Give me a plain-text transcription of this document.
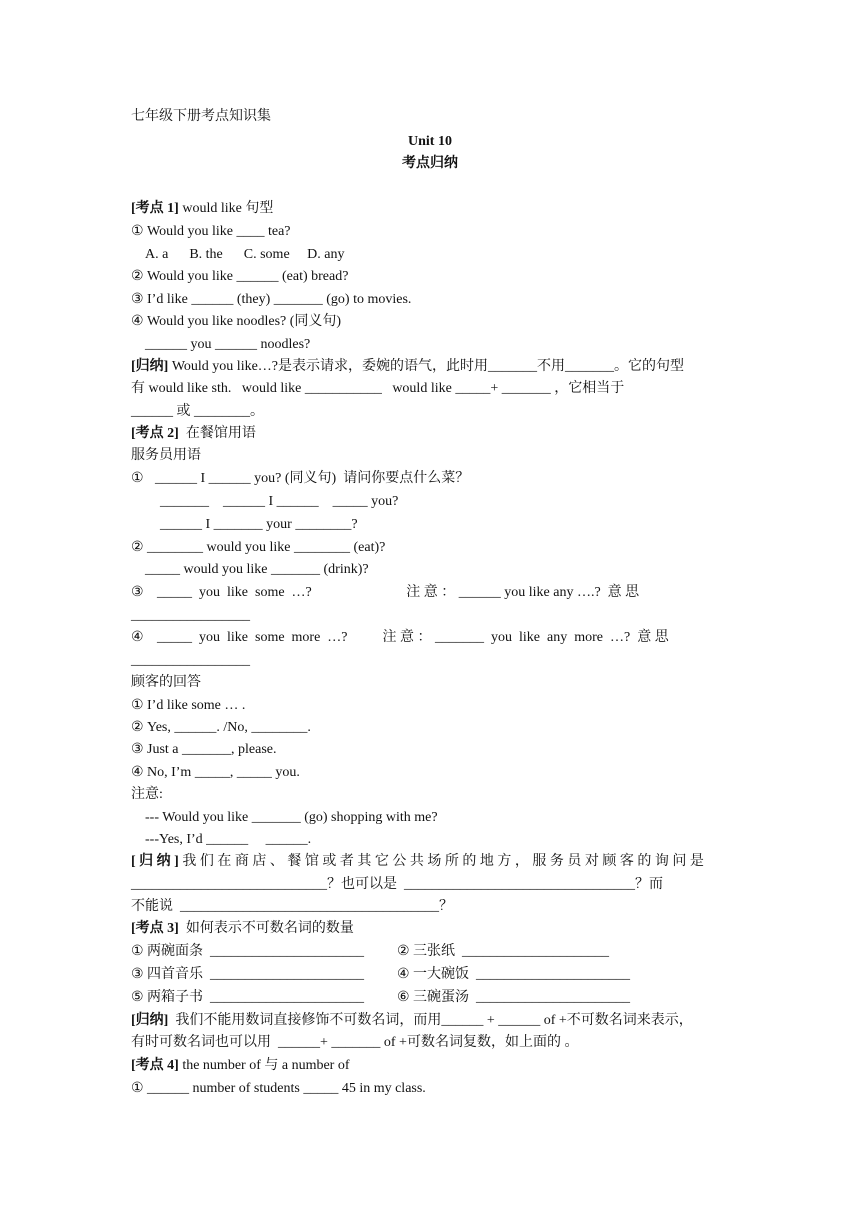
七年级下册考点知识集
Unit 10
考点归纳
[考点 1] would like 句型
① Would you like ____ tea?
A. a      B. the      C. some     D. any
② Would you like ______ (eat) bread?
③ I’d like ______ (they) _______ (go) to movies.
④ Would you like noodles? (同义句)
______ you ______ noodles?
[归纳] Would you like…?是表示请求，委婉的语气，此时用_______不用_______。它的句型
有 would like sth.   would like ___________   would like _____+ _______ ，它相当于
______ 或 ________。
[考点 2]  在餐馆用语
服务员用语
① ______ I ______ you? (同义句)  请问你要点什么菜？
_______    ______ I ______    _____ you?
______ I _______ your ________?
② ________ would you like ________ (eat)?
_____ would you like _______ (drink)?
③ _____  you  like  some  …?                           注 意 ： ______ you like any ….?  意 思
_________________
④ _____  you  like  some  more  …?          注 意 ： _______  you  like  any  more  …?  意 思
_________________
顾客的回答
① I’d like some … .
② Yes, ______. /No, ________.
③ Just a _______, please.
④ No, I’m _____, _____ you.
注意:
--- Would you like _______ (go) shopping with me?
---Yes, I’d ______     ______.
[ 归 纳 ] 我 们 在 商 店 、 餐 馆 或 者 其 它 公 共 场 所 的 地 方 ， 服 务 员 对 顾 客 的 询 问 是
____________________________？也可以是  _________________________________？而
不能说  _____________________________________？
[考点 3]  如何表示不可数名词的数量
① 两碗面条  ______________________	② 三张纸  _____________________
③ 四首音乐  ______________________	④ 一大碗饭  ______________________
⑤ 两箱子书  ______________________	⑥ 三碗蛋汤  ______________________
[归纳]  我们不能用数词直接修饰不可数名词，而用______ + ______ of +不可数名词来表示，
有时可数名词也可以用  ______+ _______ of +可数名词复数，如上面的 。
[考点 4] the number of 与 a number of
① ______ number of students _____ 45 in my class.
